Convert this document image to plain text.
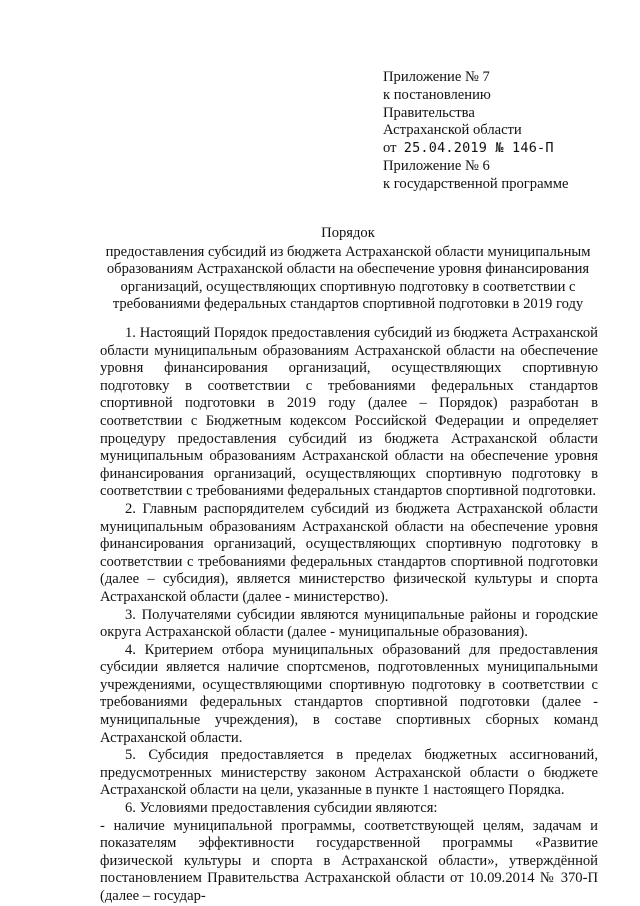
Приложение № 7
к постановлению
Правительства
Астраханской области
от 25.04.2019 № 146-П
Приложение № 6
к государственной программе
Порядок
предоставления субсидий из бюджета Астраханской области муниципальным образованиям Астраханской области на обеспечение уровня финансирования организаций, осуществляющих спортивную подготовку в соответствии с требованиями федеральных стандартов спортивной подготовки в 2019 году

1. Настоящий Порядок предоставления субсидий из бюджета Астраханской области муниципальным образованиям Астраханской области на обеспечение уровня финансирования организаций, осуществляющих спортивную подготовку в соответствии с требованиями федеральных стандартов спортивной подготовки в 2019 году (далее – Порядок) разработан в соответствии с Бюджетным кодексом Российской Федерации и определяет процедуру предоставления субсидий из бюджета Астраханской области муниципальным образованиям Астраханской области на обеспечение уровня финансирования организаций, осуществляющих спортивную подготовку в соответствии с требованиями федеральных стандартов спортивной подготовки.

2. Главным распорядителем субсидий из бюджета Астраханской области муниципальным образованиям Астраханской области на обеспечение уровня финансирования организаций, осуществляющих спортивную подготовку в соответствии с требованиями федеральных стандартов спортивной подготовки (далее – субсидия), является министерство физической культуры и спорта Астраханской области (далее - министерство).

3. Получателями субсидии являются муниципальные районы и городские округа Астраханской области (далее - муниципальные образования).

4. Критерием отбора муниципальных образований для предоставления субсидии является наличие спортсменов, подготовленных муниципальными учреждениями, осуществляющими спортивную подготовку в соответствии с требованиями федеральных стандартов спортивной подготовки (далее - муниципальные учреждения), в составе спортивных сборных команд Астраханской области.

5. Субсидия предоставляется в пределах бюджетных ассигнований, предусмотренных министерству законом Астраханской области о бюджете Астраханской области на цели, указанные в пункте 1 настоящего Порядка.

6. Условиями предоставления субсидии являются:

- наличие муниципальной программы, соответствующей целям, задачам и показателям эффективности государственной программы «Развитие физической культуры и спорта в Астраханской области», утверждённой постановлением Правительства Астраханской области от 10.09.2014 № 370-П (далее – государ-
